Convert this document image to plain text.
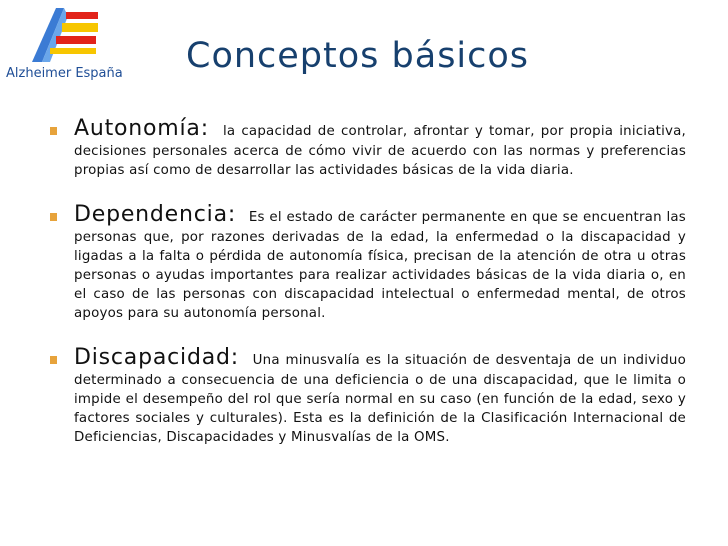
Alzheimer España Conceptos básicos
Autonomía: la capacidad de controlar, afrontar y tomar, por propia iniciativa, decisiones personales acerca de cómo vivir de acuerdo con las normas y preferencias propias así como de desarrollar las actividades básicas de la vida diaria.
Dependencia: Es el estado de carácter permanente en que se encuentran las personas que, por razones derivadas de la edad, la enfermedad o la discapacidad y ligadas a la falta o pérdida de autonomía física, precisan de la atención de otra u otras personas o ayudas importantes para realizar actividades básicas de la vida diaria o, en el caso de las personas con discapacidad intelectual o enfermedad mental, de otros apoyos para su autonomía personal.
Discapacidad: Una minusvalía es la situación de desventaja de un individuo determinado a consecuencia de una deficiencia o de una discapacidad, que le limita o impide el desempeño del rol que sería normal en su caso (en función de la edad, sexo y factores sociales y culturales). Esta es la definición de la Clasificación Internacional de Deficiencias, Discapacidades y Minusvalías de la OMS.
